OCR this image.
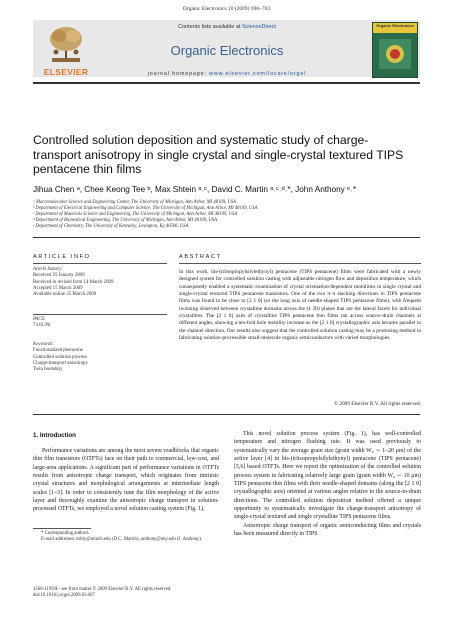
Organic Electronics 10 (2009) 696–703
ELSEVIER
Contents lists available at ScienceDirect
Organic Electronics
journal homepage: www.elsevier.com/locate/orgel
Organic Electronics
Controlled solution deposition and systematic study of charge-transport anisotropy in single crystal and single-crystal textured TIPS pentacene thin films
Jihua Chen ᵃ, Chee Keong Tee ᵇ, Max Shtein ᵃ˒ᶜ, David C. Martin ᵃ˒ᶜ˒ᵈ˒*, John Anthony ᵉ˒*
ᵃ Macromolecular Science and Engineering Center, The University of Michigan, Ann Arbor, MI 48109, USA
ᵇ Department of Electrical Engineering and Computer Science, The University of Michigan, Ann Arbor, MI 48109, USA
ᶜ Department of Materials Science and Engineering, The University of Michigan, Ann Arbor, MI 48109, USA
ᵈ Department of Biomedical Engineering, The University of Michigan, Ann Arbor, MI 48109, USA
ᵉ Department of Chemistry, The University of Kentucky, Lexington, Ky 40506, USA
ARTICLE INFO
Article history:
Received 25 January 2009
Received in revised form 14 March 2009
Accepted 15 March 2009
Available online 25 March 2009
PACS:
73.61.Ph
Keywords:
Functionalized pentacene
Controlled solution process
Charge-transport anisotropy
Twin boundary
ABSTRACT
In this work, bis-(triisopropylsilylethynyl) pentacene (TIPS pentacene) films were fabricated with a newly designed system for controlled solution casting with adjustable nitrogen flow and deposition temperature, which consequently enabled a systematic examination of crystal orientation-dependent mobilities in single crystal and single-crystal textured TIPS pentacene transistors. One of the two π–π stacking directions in TIPS pentacene films was found to be close to [2 1 0] (or the long axis of needle-shaped TIPS pentacene films), with frequent twinning observed between crystalline domains across the (1 2̄0) planes that are the lateral facets for individual crystallites. The [2 1 0] axes of crystalline TIPS pentacene thin films ran across source–drain channels at different angles, showing a ten-fold hole mobility increase as the [2 1 0] crystallographic axis became parallel to the channel direction. Our results also suggest that the controlled solution casting may be a promising method in fabricating solution-processible small-molecule organic semiconductors with varied morphologies.
© 2009 Elsevier B.V. All rights reserved.
1. Introduction

Performance variations are among the most severe roadblocks that organic thin film transistors (OTFTs) face on their path to commercial, low-cost, and large-area applications. A significant part of performance variations in OTFTs results from anisotropic charge transport, which originates from intrinsic crystal structures and morphological arrangements at intermediate length scales [1–3]. In order to consistently tune the film morphology of the active layer and thoroughly examine the anisotropic charge transport in solution-processed OTFTs, we employed a novel solution casting system (Fig. 1).

This novel solution process system (Fig. 1), has well-controlled temperature and nitrogen flushing rate. It was used previously to systematically vary the average grain size (grain width W₀ ∼ 1–20 μm) of the active layer [4] in bis-(triisopropylsilylethynyl) pentacene (TIPS pentacene) [5,6] based OTFTs. Here we report the optimization of the controlled solution process system in fabricating relatively large grain (grain width W₀ ∼ 10 μm) TIPS pentacene thin films with their needle-shaped domains (along the [2 1 0] crystallographic axis) oriented at various angles relative to the source-to-drain directions. The controlled solution deposition method offered a unique opportunity to systematically investigate the charge-transport anisotropy of single-crystal textured and single crystalline TIPS pentacene films.

Anisotropic charge transport of organic semiconducting films and crystals has been measured directly in TIPS

* Corresponding authors.
E-mail addresses: milty@umich.edu (D.C. Martin), anthony@uky.edu (J. Anthony).
1566-1199/$ - see front matter © 2009 Elsevier B.V. All rights reserved.
doi:10.1016/j.orgel.2009.03.007
